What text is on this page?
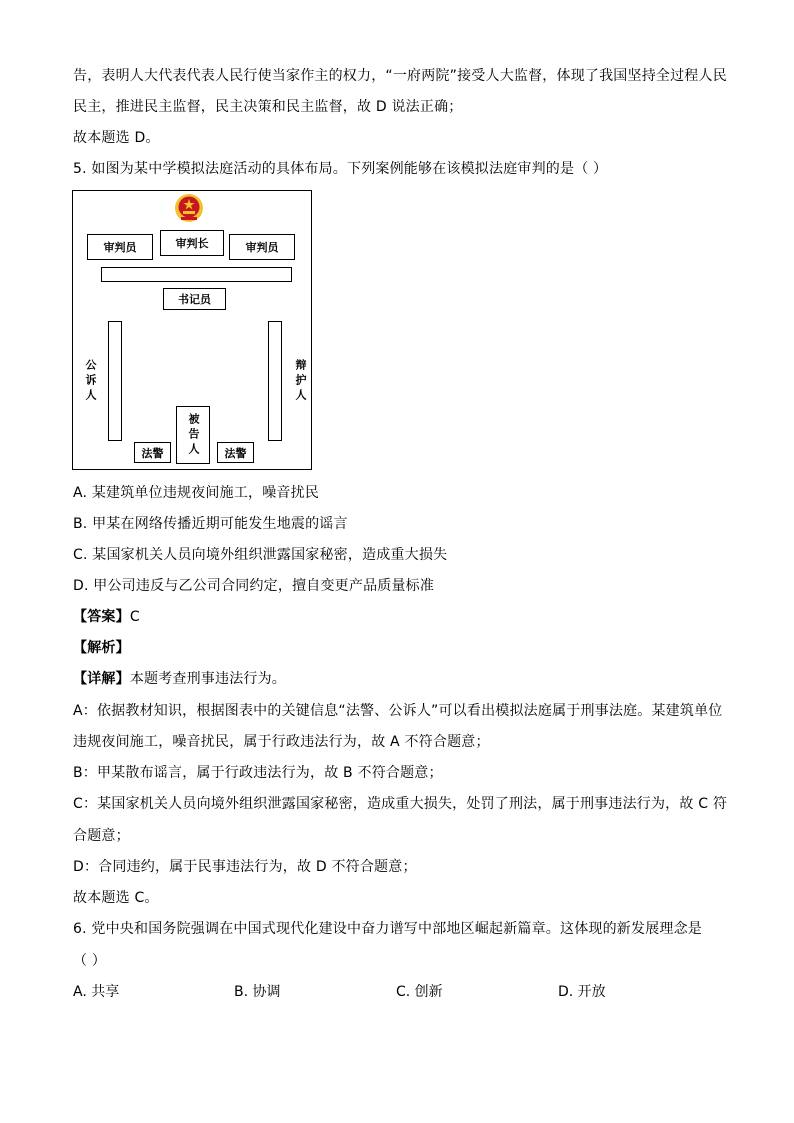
告，表明人大代表代表人民行使当家作主的权力，“一府两院”接受人大监督，体现了我国坚持全过程人民
民主，推进民主监督，民主决策和民主监督，故 D 说法正确；
故本题选 D。
5. 如图为某中学模拟法庭活动的具体布局。下列案例能够在该模拟法庭审判的是（ ）
审判员	审判长	审判员
书记员
公诉人	辩护人
被告人
法警	法警
A. 某建筑单位违规夜间施工，噪音扰民
B. 甲某在网络传播近期可能发生地震的谣言
C. 某国家机关人员向境外组织泄露国家秘密，造成重大损失
D. 甲公司违反与乙公司合同约定，擅自变更产品质量标准
【答案】C
【解析】
【详解】本题考查刑事违法行为。
A：依据教材知识，根据图表中的关键信息“法警、公诉人”可以看出模拟法庭属于刑事法庭。某建筑单位
违规夜间施工，噪音扰民，属于行政违法行为，故 A 不符合题意；
B：甲某散布谣言，属于行政违法行为，故 B 不符合题意；
C：某国家机关人员向境外组织泄露国家秘密，造成重大损失，处罚了刑法，属于刑事违法行为，故 C 符
合题意；
D：合同违约，属于民事违法行为，故 D 不符合题意；
故本题选 C。
6. 党中央和国务院强调在中国式现代化建设中奋力谱写中部地区崛起新篇章。这体现的新发展理念是
（ ）
A. 共享	B. 协调	C. 创新	D. 开放
